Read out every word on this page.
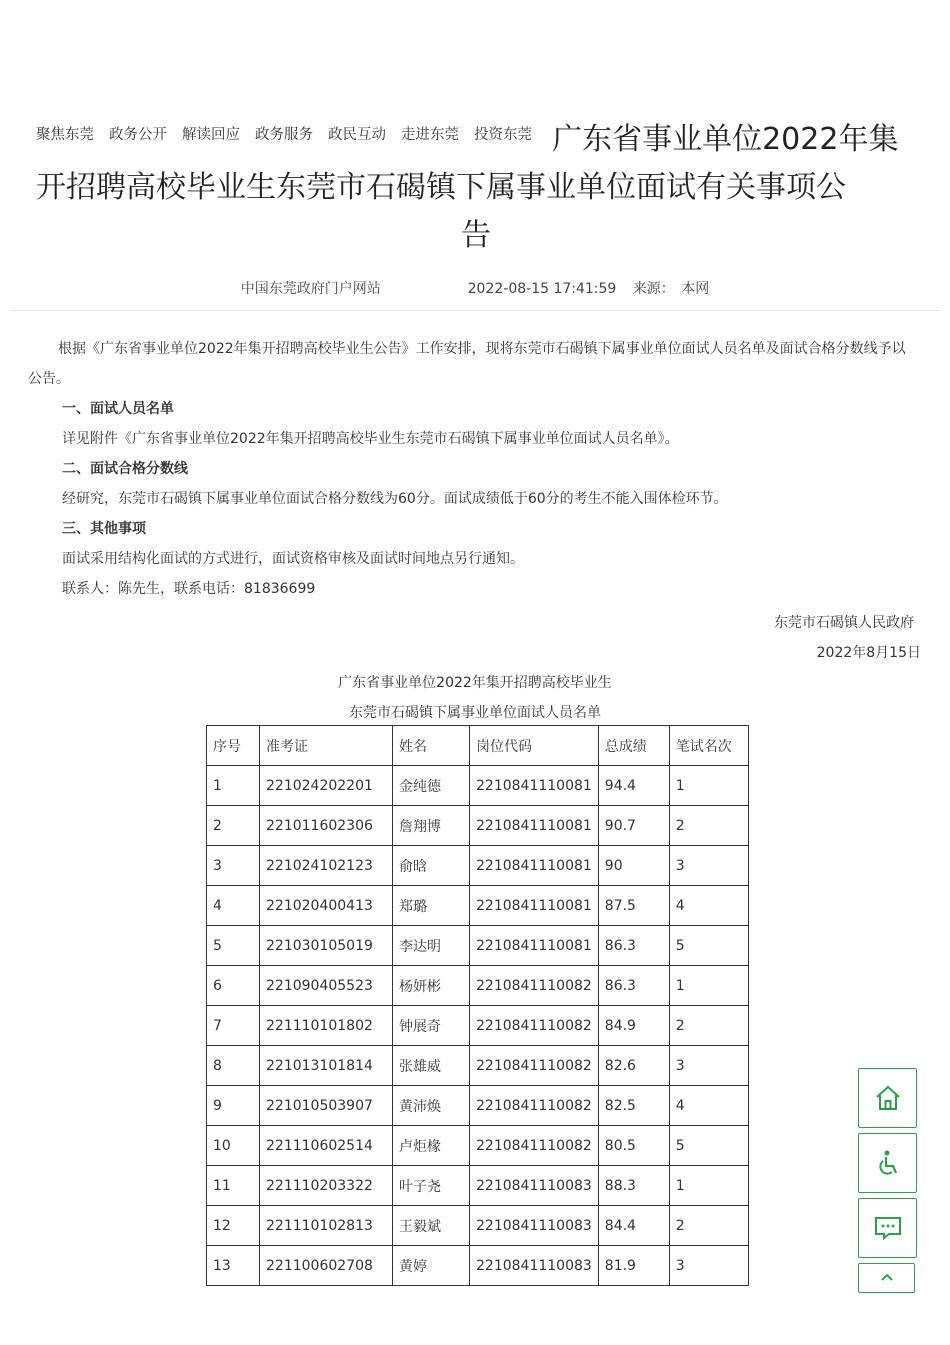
聚焦东莞 政务公开 解读回应 政务服务 政民互动 走进东莞 投资东莞 广东省事业单位2022年集开招聘高校毕业生东莞市石碣镇下属事业单位面试有关事项公
告
中国东莞政府门户网站	2022-08-15 17:41:59 来源： 本网

根据《广东省事业单位2022年集开招聘高校毕业生公告》工作安排，现将东莞市石碣镇下属事业单位面试人员名单及面试合格分数线予以公告。

一、面试人员名单

详见附件《广东省事业单位2022年集开招聘高校毕业生东莞市石碣镇下属事业单位面试人员名单》。

二、面试合格分数线

经研究，东莞市石碣镇下属事业单位面试合格分数线为60分。面试成绩低于60分的考生不能入围体检环节。

三、其他事项

面试采用结构化面试的方式进行，面试资格审核及面试时间地点另行通知。

联系人：陈先生，联系电话：81836699

东莞市石碣镇人民政府
2022年8月15日
广东省事业单位2022年集开招聘高校毕业生
东莞市石碣镇下属事业单位面试人员名单
序号	准考证	姓名	岗位代码	总成绩	笔试名次
1	221024202201	金纯德	2210841110081	94.4	1
2	221011602306	詹翔博	2210841110081	90.7	2
3	221024102123	俞晗	2210841110081	90	3
4	221020400413	郑璐	2210841110081	87.5	4
5	221030105019	李达明	2210841110081	86.3	5
6	221090405523	杨妍彬	2210841110082	86.3	1
7	221110101802	钟展奇	2210841110082	84.9	2
8	221013101814	张雄威	2210841110082	82.6	3
9	221010503907	黄沛焕	2210841110082	82.5	4
10	221110602514	卢炬椽	2210841110082	80.5	5
11	221110203322	叶子尧	2210841110083	88.3	1
12	221110102813	王毅斌	2210841110083	84.4	2
13	221100602708	黄婷	2210841110083	81.9	3
